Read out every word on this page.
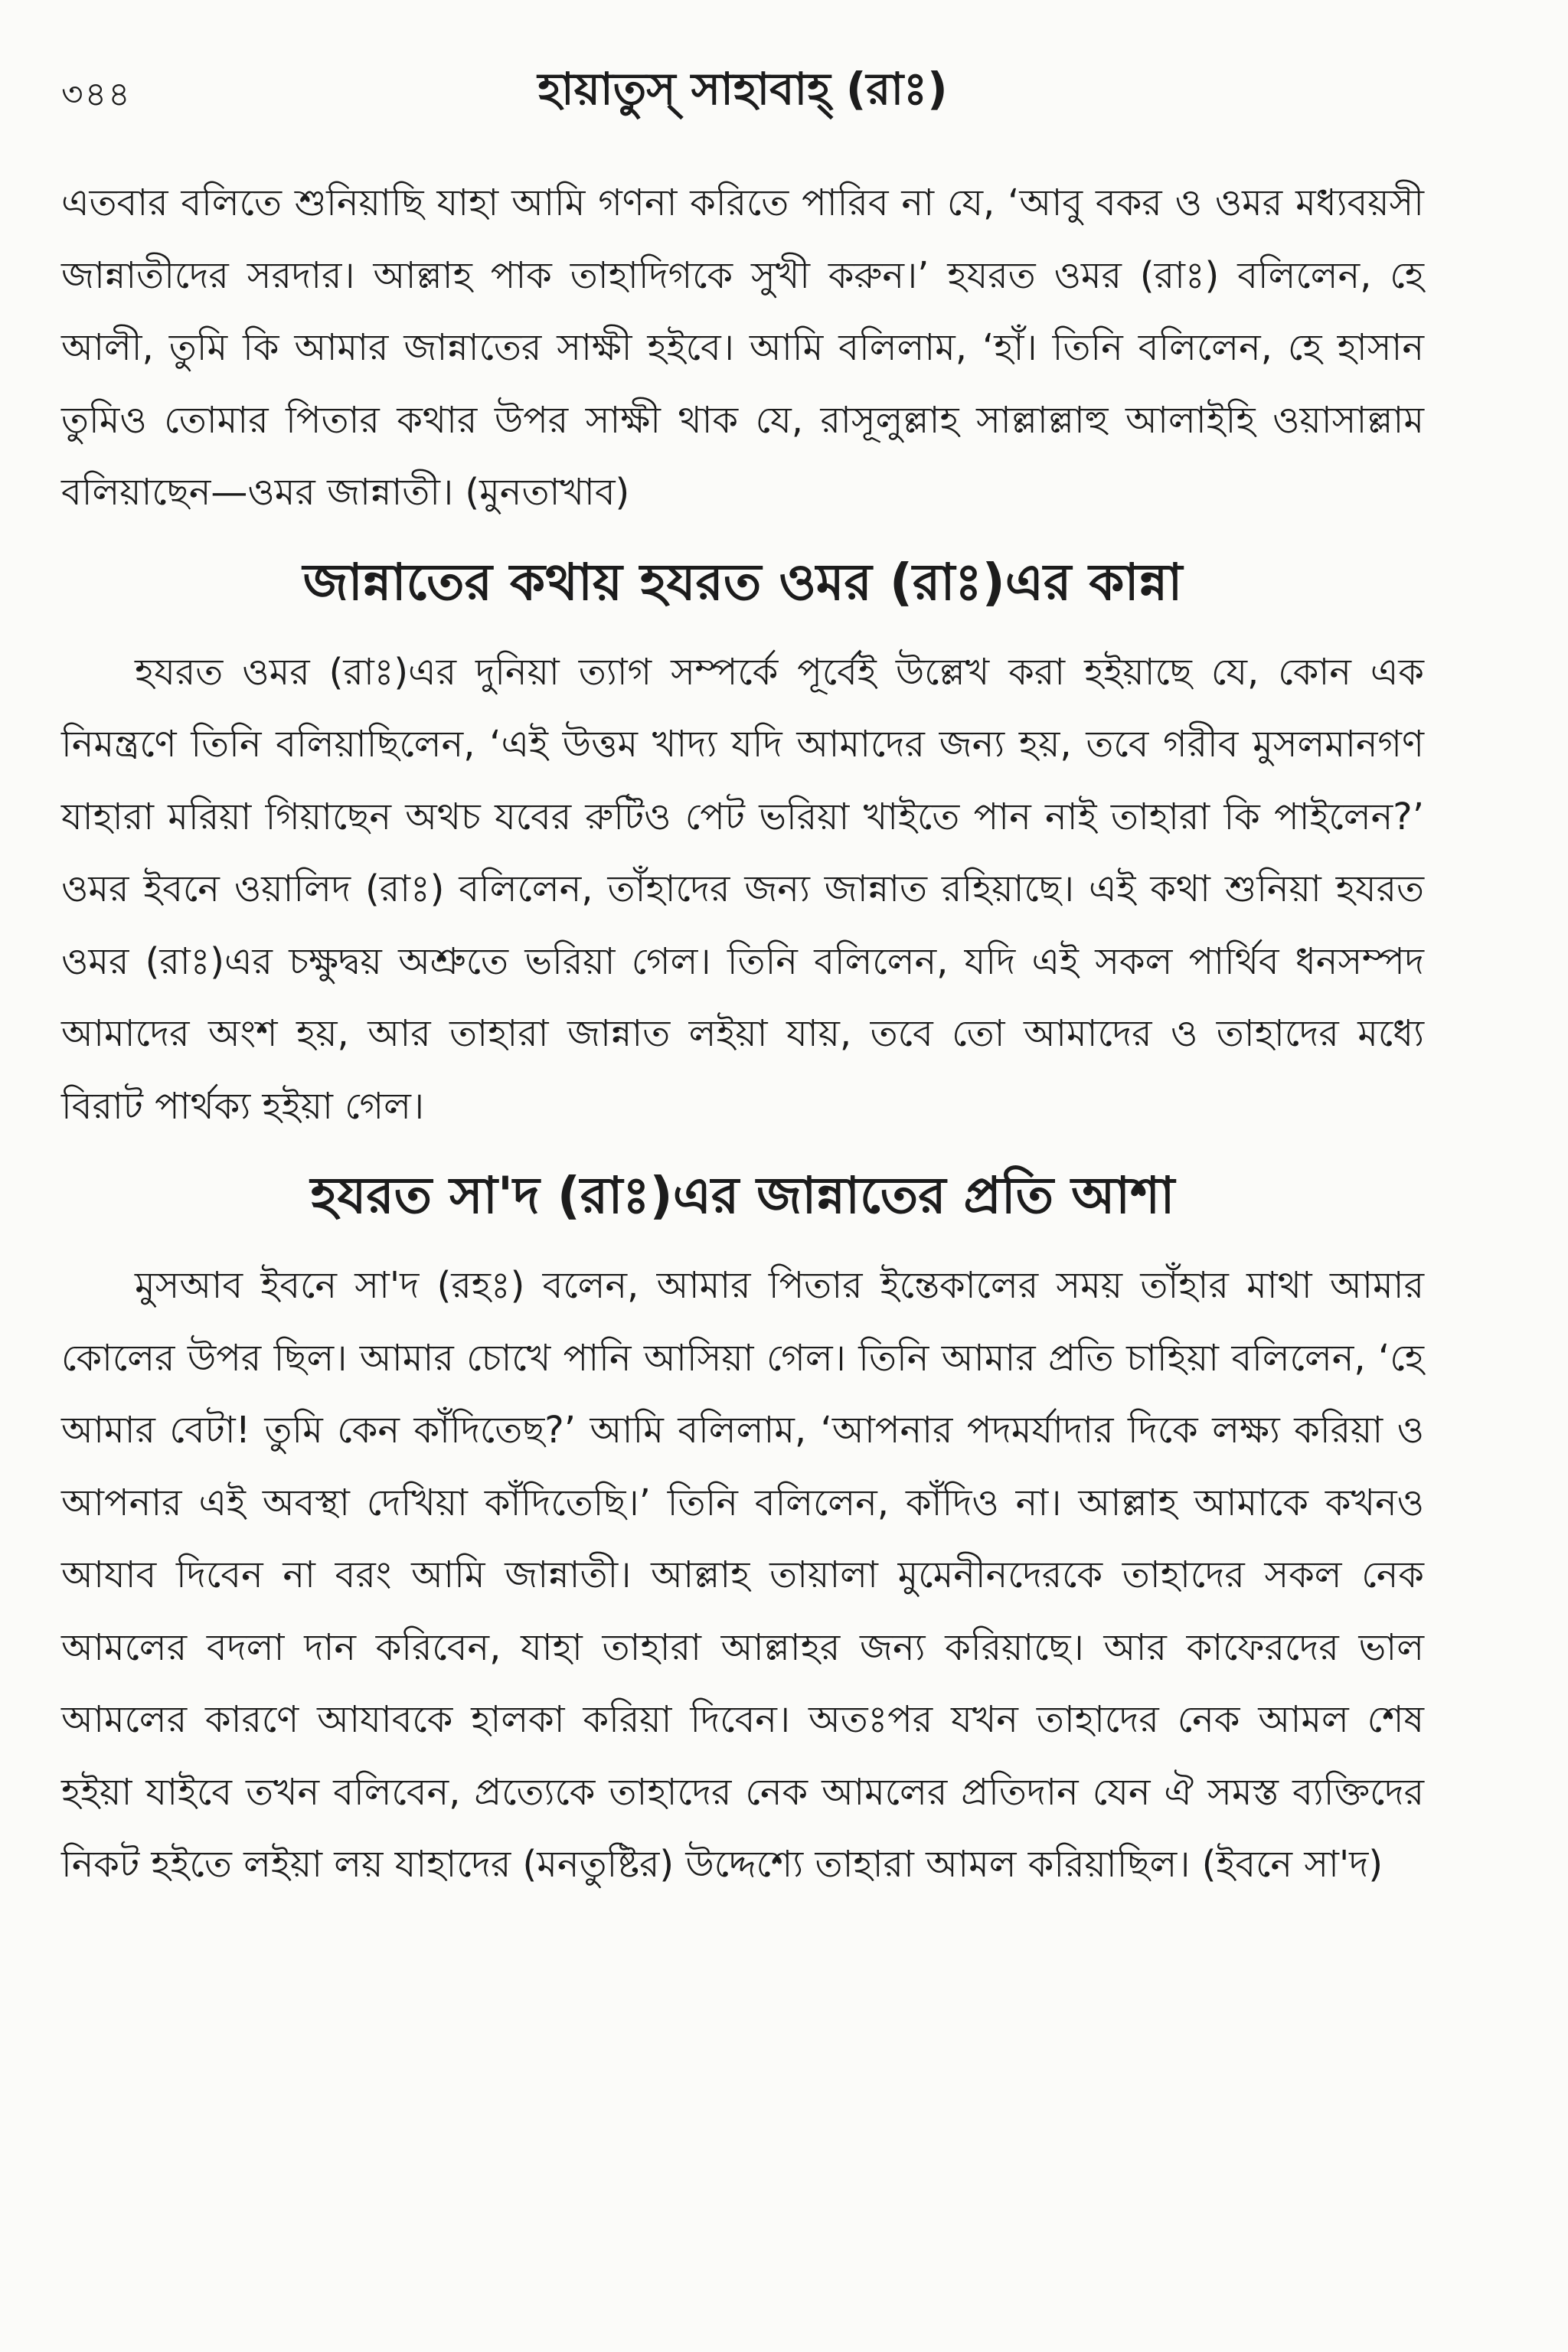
৩৪৪	হায়াতুস্ সাহাবাহ্ (রাঃ)

এতবার বলিতে শুনিয়াছি যাহা আমি গণনা করিতে পারিব না যে, ‘আবু বকর ও ওমর মধ্যবয়সী জান্নাতীদের সরদার। আল্লাহ পাক তাহাদিগকে সুখী করুন।’ হযরত ওমর (রাঃ) বলিলেন, হে আলী, তুমি কি আমার জান্নাতের সাক্ষী হইবে। আমি বলিলাম, ‘হাঁ। তিনি বলিলেন, হে হাসান তুমিও তোমার পিতার কথার উপর সাক্ষী থাক যে, রাসূলুল্লাহ সাল্লাল্লাহু আলাইহি ওয়াসাল্লাম বলিয়াছেন—ওমর জান্নাতী। (মুনতাখাব)

জান্নাতের কথায় হযরত ওমর (রাঃ)এর কান্না

হযরত ওমর (রাঃ)এর দুনিয়া ত্যাগ সম্পর্কে পূর্বেই উল্লেখ করা হইয়াছে যে, কোন এক নিমন্ত্রণে তিনি বলিয়াছিলেন, ‘এই উত্তম খাদ্য যদি আমাদের জন্য হয়, তবে গরীব মুসলমানগণ যাহারা মরিয়া গিয়াছেন অথচ যবের রুটিও পেট ভরিয়া খাইতে পান নাই তাহারা কি পাইলেন?’ ওমর ইবনে ওয়ালিদ (রাঃ) বলিলেন, তাঁহাদের জন্য জান্নাত রহিয়াছে। এই কথা শুনিয়া হযরত ওমর (রাঃ)এর চক্ষুদ্বয় অশ্রুতে ভরিয়া গেল। তিনি বলিলেন, যদি এই সকল পার্থিব ধনসম্পদ আমাদের অংশ হয়, আর তাহারা জান্নাত লইয়া যায়, তবে তো আমাদের ও তাহাদের মধ্যে বিরাট পার্থক্য হইয়া গেল।

হযরত সা'দ (রাঃ)এর জান্নাতের প্রতি আশা

মুসআব ইবনে সা'দ (রহঃ) বলেন, আমার পিতার ইন্তেকালের সময় তাঁহার মাথা আমার কোলের উপর ছিল। আমার চোখে পানি আসিয়া গেল। তিনি আমার প্রতি চাহিয়া বলিলেন, ‘হে আমার বেটা! তুমি কেন কাঁদিতেছ?’ আমি বলিলাম, ‘আপনার পদমর্যাদার দিকে লক্ষ্য করিয়া ও আপনার এই অবস্থা দেখিয়া কাঁদিতেছি।’ তিনি বলিলেন, কাঁদিও না। আল্লাহ আমাকে কখনও আযাব দিবেন না বরং আমি জান্নাতী। আল্লাহ তায়ালা মুমেনীনদেরকে তাহাদের সকল নেক আমলের বদলা দান করিবেন, যাহা তাহারা আল্লাহর জন্য করিয়াছে। আর কাফেরদের ভাল আমলের কারণে আযাবকে হালকা করিয়া দিবেন। অতঃপর যখন তাহাদের নেক আমল শেষ হইয়া যাইবে তখন বলিবেন, প্রত্যেকে তাহাদের নেক আমলের প্রতিদান যেন ঐ সমস্ত ব্যক্তিদের নিকট হইতে লইয়া লয় যাহাদের (মনতুষ্টির) উদ্দেশ্যে তাহারা আমল করিয়াছিল। (ইবনে সা'দ)
